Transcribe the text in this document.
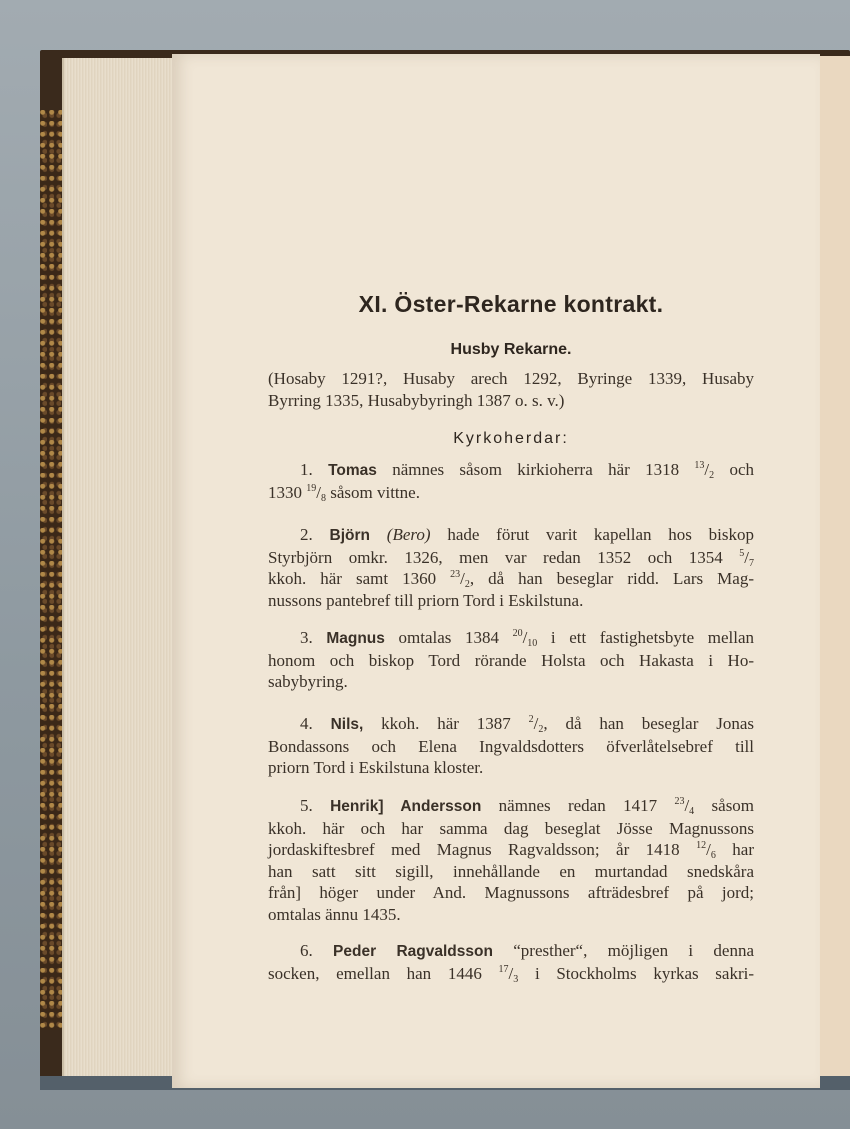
XI. Öster-Rekarne kontrakt.
Husby Rekarne.
(Hosaby 1291?, Husaby arech 1292, Byringe 1339, Husaby
Byrring 1335, Husabybyringh 1387 o. s. v.)
Kyrkoherdar:
1. Tomas nämnes såsom kirkioherra här 1318 $^{13}/_2$ och
1330 $^{19}/_8$ såsom vittne.
2. Björn (Bero) hade förut varit kapellan hos biskop
Styrbjörn omkr. 1326, men var redan 1352 och 1354 $^5/_7$
kkoh. här samt 1360 $^{23}/_2$, då han beseglar ridd. Lars Mag-
nussons pantebref till priorn Tord i Eskilstuna.
3. Magnus omtalas 1384 $^{20}/_{10}$ i ett fastighetsbyte mellan
honom och biskop Tord rörande Holsta och Hakasta i Ho-
sabybyring.
4. Nils, kkoh. här 1387 $^2/_2$, då han beseglar Jonas
Bondassons och Elena Ingvaldsdotters öfverlåtelsebref till
priorn Tord i Eskilstuna kloster.
5. Henrik] Andersson nämnes redan 1417 $^{23}/_4$ såsom
kkoh. här och har samma dag beseglat Jösse Magnussons
jordaskiftesbref med Magnus Ragvaldsson; år 1418 $^{12}/_6$ har
han satt sitt sigill, innehållande en murtandad snedskåra
från] höger under And. Magnussons afträdesbref på jord;
omtalas ännu 1435.
6. Peder Ragvaldsson “presther“, möjligen i denna
socken, emellan han 1446 $^{17}/_3$ i Stockholms kyrkas sakri-
